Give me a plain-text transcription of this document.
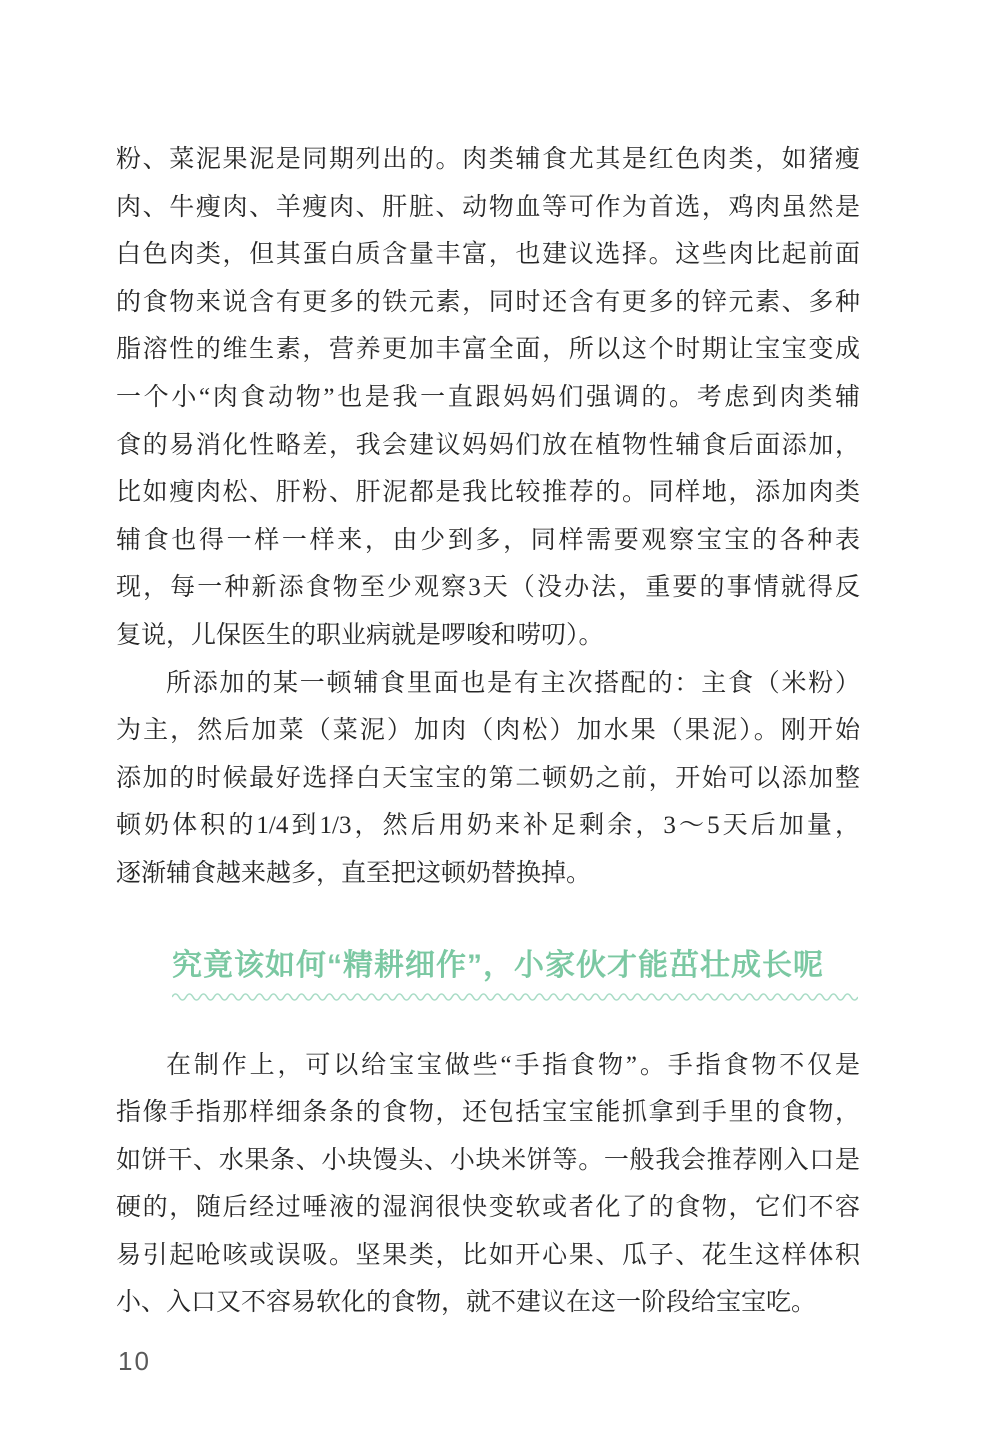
粉、菜泥果泥是同期列出的。肉类辅食尤其是红色肉类，如猪瘦
肉、牛瘦肉、羊瘦肉、肝脏、动物血等可作为首选，鸡肉虽然是
白色肉类，但其蛋白质含量丰富，也建议选择。这些肉比起前面
的食物来说含有更多的铁元素，同时还含有更多的锌元素、多种
脂溶性的维生素，营养更加丰富全面，所以这个时期让宝宝变成
一个小“肉食动物”也是我一直跟妈妈们强调的。考虑到肉类辅
食的易消化性略差，我会建议妈妈们放在植物性辅食后面添加，
比如瘦肉松、肝粉、肝泥都是我比较推荐的。同样地，添加肉类
辅食也得一样一样来，由少到多，同样需要观察宝宝的各种表
现，每一种新添食物至少观察3天（没办法，重要的事情就得反
复说，儿保医生的职业病就是啰唆和唠叨）。
所添加的某一顿辅食里面也是有主次搭配的：主食（米粉）
为主，然后加菜（菜泥）加肉（肉松）加水果（果泥）。刚开始
添加的时候最好选择白天宝宝的第二顿奶之前，开始可以添加整
顿奶体积的1/4到1/3，然后用奶来补足剩余，3～5天后加量，
逐渐辅食越来越多，直至把这顿奶替换掉。
究竟该如何“精耕细作”，小家伙才能茁壮成长呢
在制作上，可以给宝宝做些“手指食物”。手指食物不仅是
指像手指那样细条条的食物，还包括宝宝能抓拿到手里的食物，
如饼干、水果条、小块馒头、小块米饼等。一般我会推荐刚入口是
硬的，随后经过唾液的湿润很快变软或者化了的食物，它们不容
易引起呛咳或误吸。坚果类，比如开心果、瓜子、花生这样体积
小、入口又不容易软化的食物，就不建议在这一阶段给宝宝吃。
10
